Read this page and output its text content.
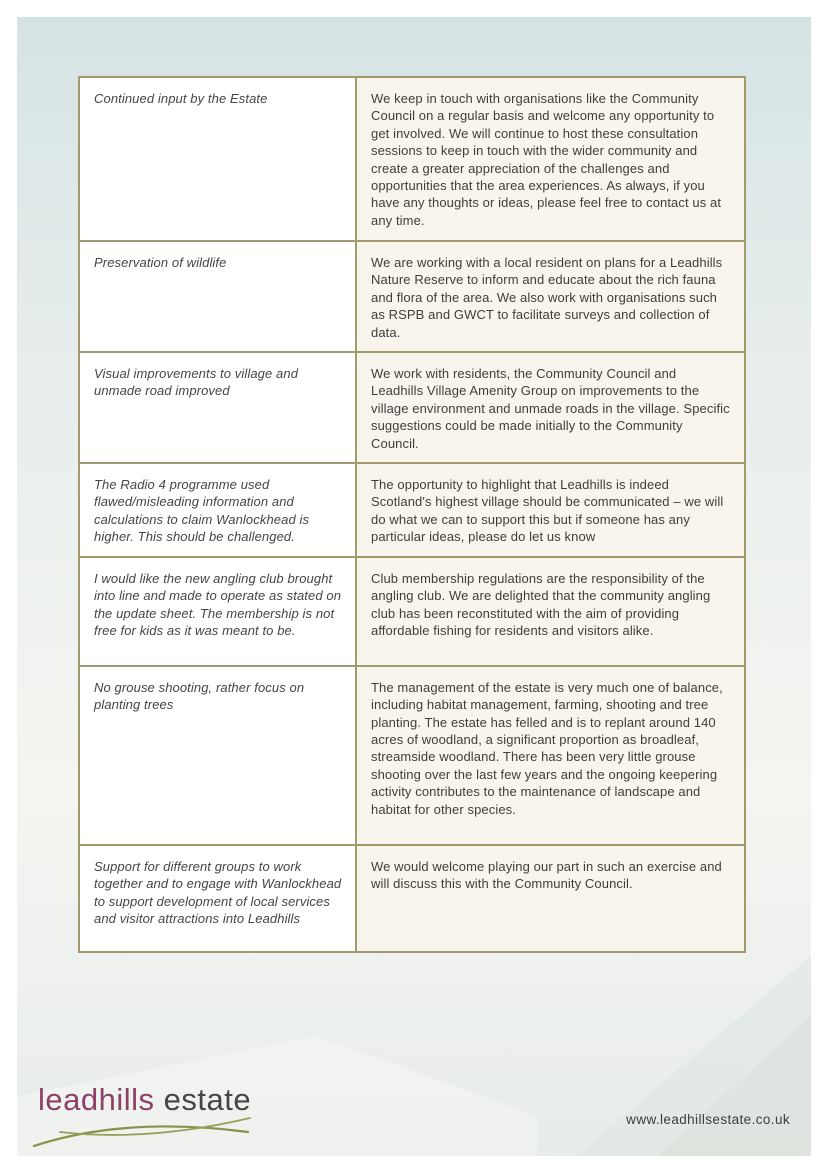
Continued input by the Estate	We keep in touch with organisations like the Community Council on a regular basis and welcome any opportunity to get involved. We will continue to host these consultation sessions to keep in touch with the wider community and create a greater appreciation of the challenges and opportunities that the area experiences. As always, if you have any thoughts or ideas, please feel free to contact us at any time.
Preservation of wildlife	We are working with a local resident on plans for a Leadhills Nature Reserve to inform and educate about the rich fauna and flora of the area. We also work with organisations such as RSPB and GWCT to facilitate surveys and collection of data.
Visual improvements to village and unmade road improved	We work with residents, the Community Council and Leadhills Village Amenity Group on improvements to the village environment and unmade roads in the village. Specific suggestions could be made initially to the Community Council.
The Radio 4 programme used flawed/misleading information and calculations to claim Wanlockhead is higher. This should be challenged.	The opportunity to highlight that Leadhills is indeed Scotland's highest village should be communicated – we will do what we can to support this but if someone has any particular ideas, please do let us know
I would like the new angling club brought into line and made to operate as stated on the update sheet. The membership is not free for kids as it was meant to be.	Club membership regulations are the responsibility of the angling club. We are delighted that the community angling club has been reconstituted with the aim of providing affordable fishing for residents and visitors alike.
No grouse shooting, rather focus on planting trees	The management of the estate is very much one of balance, including habitat management, farming, shooting and tree planting. The estate has felled and is to replant around 140 acres of woodland, a significant proportion as broadleaf, streamside woodland. There has been very little grouse shooting over the last few years and the ongoing keepering activity contributes to the maintenance of landscape and habitat for other species.
Support for different groups to work together and to engage with Wanlockhead to support development of local services and visitor attractions into Leadhills	We would welcome playing our part in such an exercise and will discuss this with the Community Council.
leadhills estate
www.leadhillsestate.co.uk
